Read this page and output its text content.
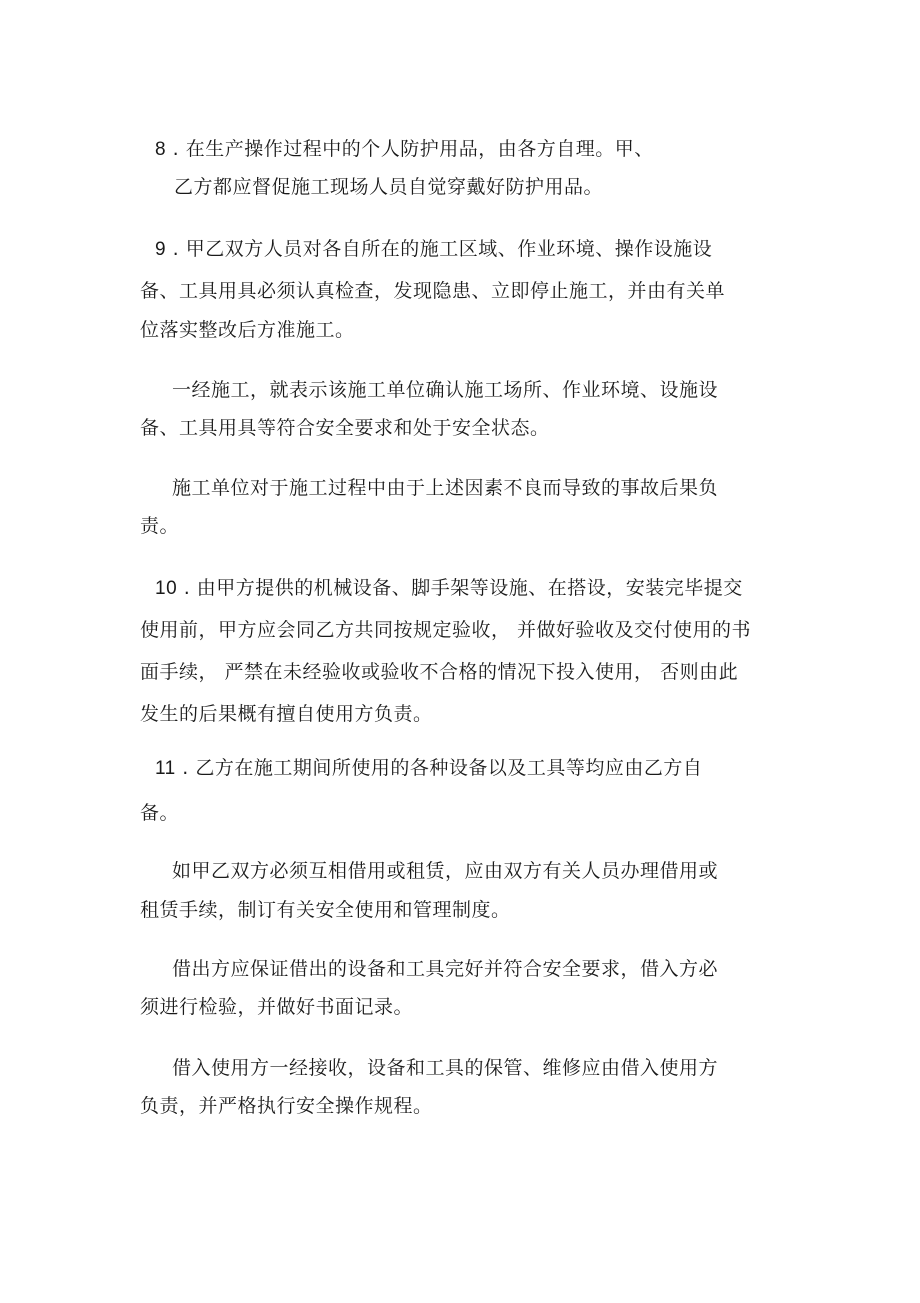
8 . 在生产操作过程中的个人防护用品，由各方自理。甲、
乙方都应督促施工现场人员自觉穿戴好防护用品。
9 . 甲乙双方人员对各自所在的施工区域、作业环境、操作设施设
备、工具用具必须认真检查，发现隐患、立即停止施工，并由有关单
位落实整改后方准施工。
一经施工，就表示该施工单位确认施工场所、作业环境、设施设
备、工具用具等符合安全要求和处于安全状态。
施工单位对于施工过程中由于上述因素不良而导致的事故后果负
责。
10 . 由甲方提供的机械设备、脚手架等设施、在搭设，安装完毕提交
使用前，甲方应会同乙方共同按规定验收， 并做好验收及交付使用的书
面手续， 严禁在未经验收或验收不合格的情况下投入使用， 否则由此
发生的后果概有擅自使用方负责。
11 . 乙方在施工期间所使用的各种设备以及工具等均应由乙方自
备。
如甲乙双方必须互相借用或租赁，应由双方有关人员办理借用或
租赁手续，制订有关安全使用和管理制度。
借出方应保证借出的设备和工具完好并符合安全要求，借入方必
须进行检验，并做好书面记录。
借入使用方一经接收，设备和工具的保管、维修应由借入使用方
负责，并严格执行安全操作规程。
